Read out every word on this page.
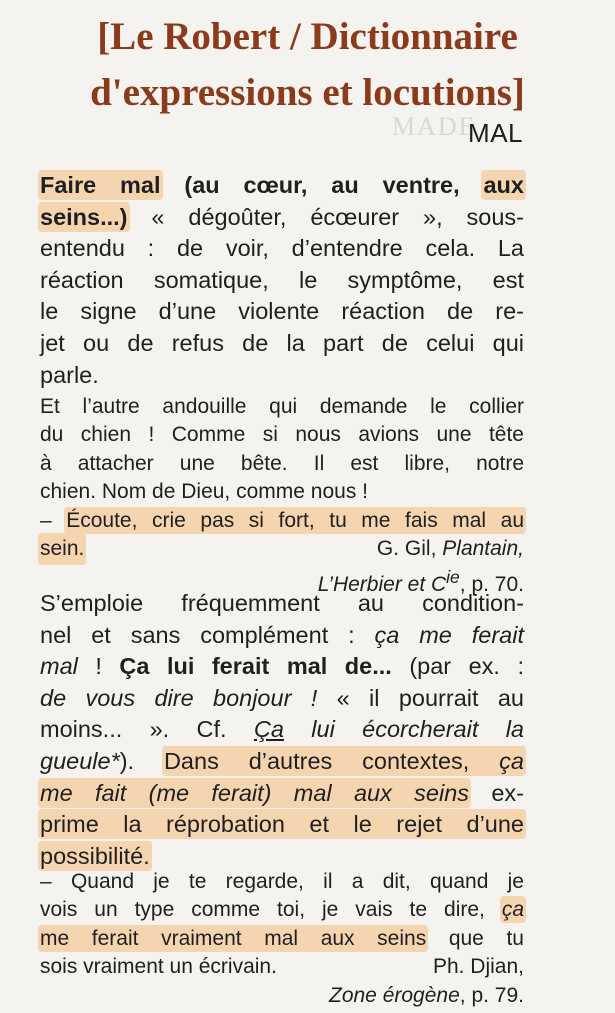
[Le Robert / Dictionnaire
d'expressions et locutions]
MADE
MAL
Faire mal (au cœur, au ventre, aux
seins...) « dégoûter, écœurer », sous-
entendu : de voir, d’entendre cela. La
réaction somatique, le symptôme, est
le signe d’une violente réaction de re-
jet ou de refus de la part de celui qui
parle.
Et l’autre andouille qui demande le collier
du chien ! Comme si nous avions une tête
à attacher une bête. Il est libre, notre
chien. Nom de Dieu, comme nous !
– Écoute, crie pas si fort, tu me fais mal au
sein.	G. Gil, Plantain,
L’Herbier et $C^{ie}$, p. 70.
S’emploie fréquemment au condition-
nel et sans complément : ça me ferait
mal ! Ça lui ferait mal de... (par ex. :
de vous dire bonjour ! « il pourrait au
moins... ». Cf. Ça lui écorcherait la
gueule*). Dans d’autres contextes, ça
me fait (me ferait) mal aux seins ex-
prime la réprobation et le rejet d’une
possibilité.
– Quand je te regarde, il a dit, quand je
vois un type comme toi, je vais te dire, ça
me ferait vraiment mal aux seins que tu
sois vraiment un écrivain.	Ph. Djian,
Zone érogène, p. 79.
